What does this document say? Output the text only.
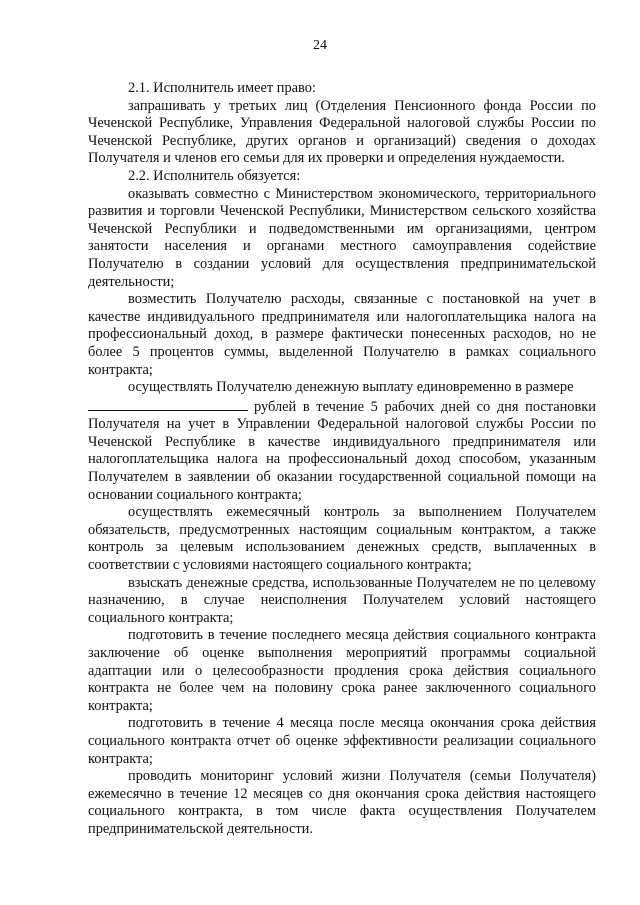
24

2.1. Исполнитель имеет право:

запрашивать у третьих лиц (Отделения Пенсионного фонда России по Чеченской Республике, Управления Федеральной налоговой службы России по Чеченской Республике, других органов и организаций) сведения о доходах Получателя и членов его семьи для их проверки и определения нуждаемости.

2.2. Исполнитель обязуется:

оказывать совместно с Министерством экономического, территориального развития и торговли Чеченской Республики, Министерством сельского хозяйства Чеченской Республики и подведомственными им организациями, центром занятости населения и органами местного самоуправления содействие Получателю в создании условий для осуществления предпринимательской деятельности;

возместить Получателю расходы, связанные с постановкой на учет в качестве индивидуального предпринимателя или налогоплательщика налога на профессиональный доход, в размере фактически понесенных расходов, но не более 5 процентов суммы, выделенной Получателю в рамках социального контракта;

осуществлять Получателю денежную выплату единовременно в размере

рублей в течение 5 рабочих дней со дня постановки Получателя на учет в Управлении Федеральной налоговой службы России по Чеченской Республике в качестве индивидуального предпринимателя или налогоплательщика налога на профессиональный доход способом, указанным Получателем в заявлении об оказании государственной социальной помощи на основании социального контракта;

осуществлять ежемесячный контроль за выполнением Получателем обязательств, предусмотренных настоящим социальным контрактом, а также контроль за целевым использованием денежных средств, выплаченных в соответствии с условиями настоящего социального контракта;

взыскать денежные средства, использованные Получателем не по целевому назначению, в случае неисполнения Получателем условий настоящего социального контракта;

подготовить в течение последнего месяца действия социального контракта заключение об оценке выполнения мероприятий программы социальной адаптации или о целесообразности продления срока действия социального контракта не более чем на половину срока ранее заключенного социального контракта;

подготовить в течение 4 месяца после месяца окончания срока действия социального контракта отчет об оценке эффективности реализации социального контракта;

проводить мониторинг условий жизни Получателя (семьи Получателя) ежемесячно в течение 12 месяцев со дня окончания срока действия настоящего социального контракта, в том числе факта осуществления Получателем предпринимательской деятельности.
